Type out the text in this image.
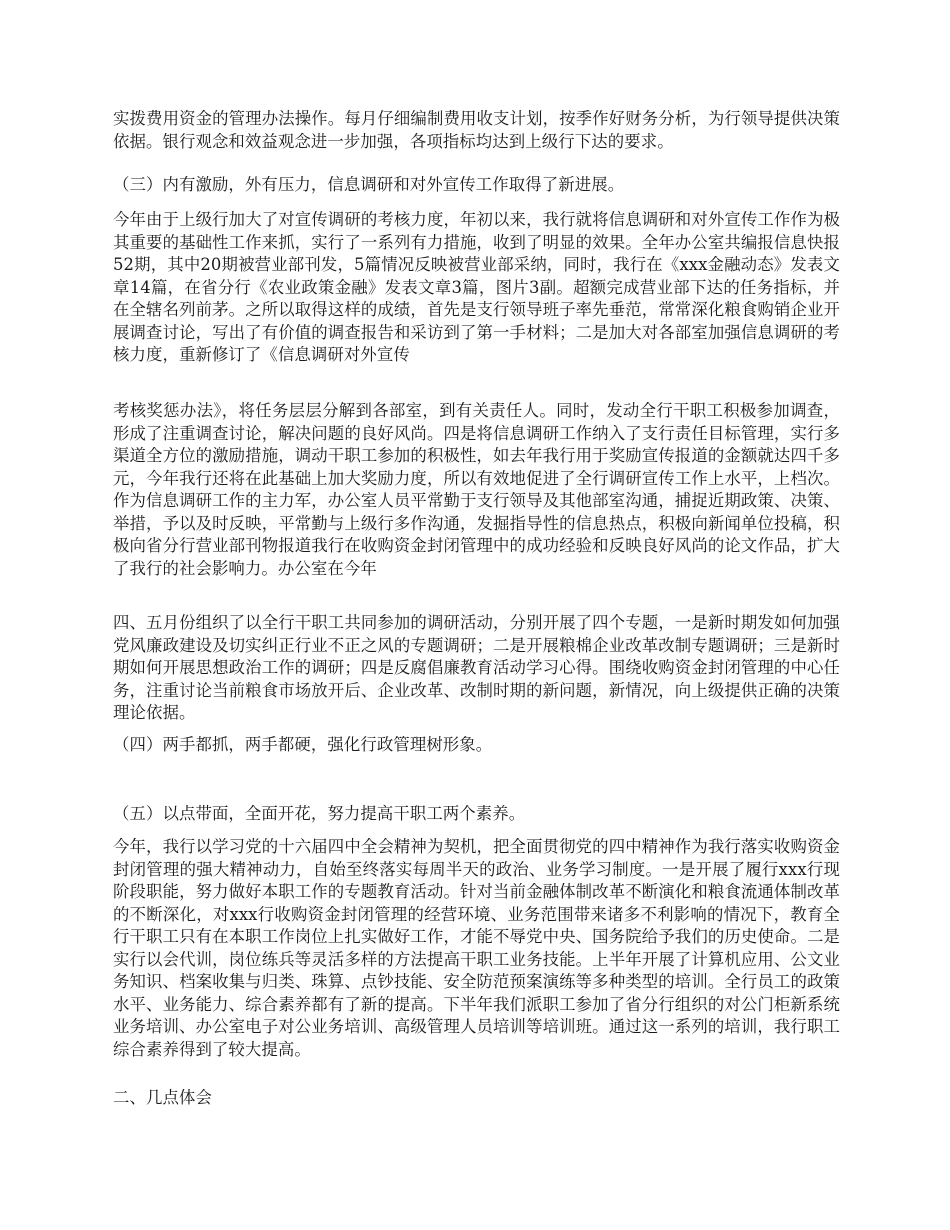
实拨费用资金的管理办法操作。每月仔细编制费用收支计划，按季作好财务分析，为行领导提供决策依据。银行观念和效益观念进一步加强，各项指标均达到上级行下达的要求。

（三）内有激励，外有压力，信息调研和对外宣传工作取得了新进展。

今年由于上级行加大了对宣传调研的考核力度，年初以来，我行就将信息调研和对外宣传工作作为极其重要的基础性工作来抓，实行了一系列有力措施，收到了明显的效果。全年办公室共编报信息快报52期，其中20期被营业部刊发，5篇情况反映被营业部采纳，同时，我行在《xxx金融动态》发表文章14篇，在省分行《农业政策金融》发表文章3篇，图片3副。超额完成营业部下达的任务指标，并在全辖名列前茅。之所以取得这样的成绩，首先是支行领导班子率先垂范，常常深化粮食购销企业开展调查讨论，写出了有价值的调查报告和采访到了第一手材料；二是加大对各部室加强信息调研的考核力度，重新修订了《信息调研对外宣传

考核奖惩办法》，将任务层层分解到各部室，到有关责任人。同时，发动全行干职工积极参加调查，形成了注重调查讨论，解决问题的良好风尚。四是将信息调研工作纳入了支行责任目标管理，实行多渠道全方位的激励措施，调动干职工参加的积极性，如去年我行用于奖励宣传报道的金额就达四千多元，今年我行还将在此基础上加大奖励力度，所以有效地促进了全行调研宣传工作上水平，上档次。作为信息调研工作的主力军，办公室人员平常勤于支行领导及其他部室沟通，捕捉近期政策、决策、举措，予以及时反映，平常勤与上级行多作沟通，发掘指导性的信息热点，积极向新闻单位投稿，积极向省分行营业部刊物报道我行在收购资金封闭管理中的成功经验和反映良好风尚的论文作品，扩大了我行的社会影响力。办公室在今年

四、五月份组织了以全行干职工共同参加的调研活动，分别开展了四个专题，一是新时期发如何加强党风廉政建设及切实纠正行业不正之风的专题调研；二是开展粮棉企业改革改制专题调研；三是新时期如何开展思想政治工作的调研；四是反腐倡廉教育活动学习心得。围绕收购资金封闭管理的中心任务，注重讨论当前粮食市场放开后、企业改革、改制时期的新问题，新情况，向上级提供正确的决策理论依据。

（四）两手都抓，两手都硬，强化行政管理树形象。

（五）以点带面，全面开花，努力提高干职工两个素养。

今年，我行以学习党的十六届四中全会精神为契机，把全面贯彻党的四中精神作为我行落实收购资金封闭管理的强大精神动力，自始至终落实每周半天的政治、业务学习制度。一是开展了履行xxx行现阶段职能，努力做好本职工作的专题教育活动。针对当前金融体制改革不断演化和粮食流通体制改革的不断深化，对xxx行收购资金封闭管理的经营环境、业务范围带来诸多不利影响的情况下，教育全行干职工只有在本职工作岗位上扎实做好工作，才能不辱党中央、国务院给予我们的历史使命。二是实行以会代训，岗位练兵等灵活多样的方法提高干职工业务技能。上半年开展了计算机应用、公文业务知识、档案收集与归类、珠算、点钞技能、安全防范预案演练等多种类型的培训。全行员工的政策水平、业务能力、综合素养都有了新的提高。下半年我们派职工参加了省分行组织的对公门柜新系统业务培训、办公室电子对公业务培训、高级管理人员培训等培训班。通过这一系列的培训，我行职工综合素养得到了较大提高。

二、几点体会
